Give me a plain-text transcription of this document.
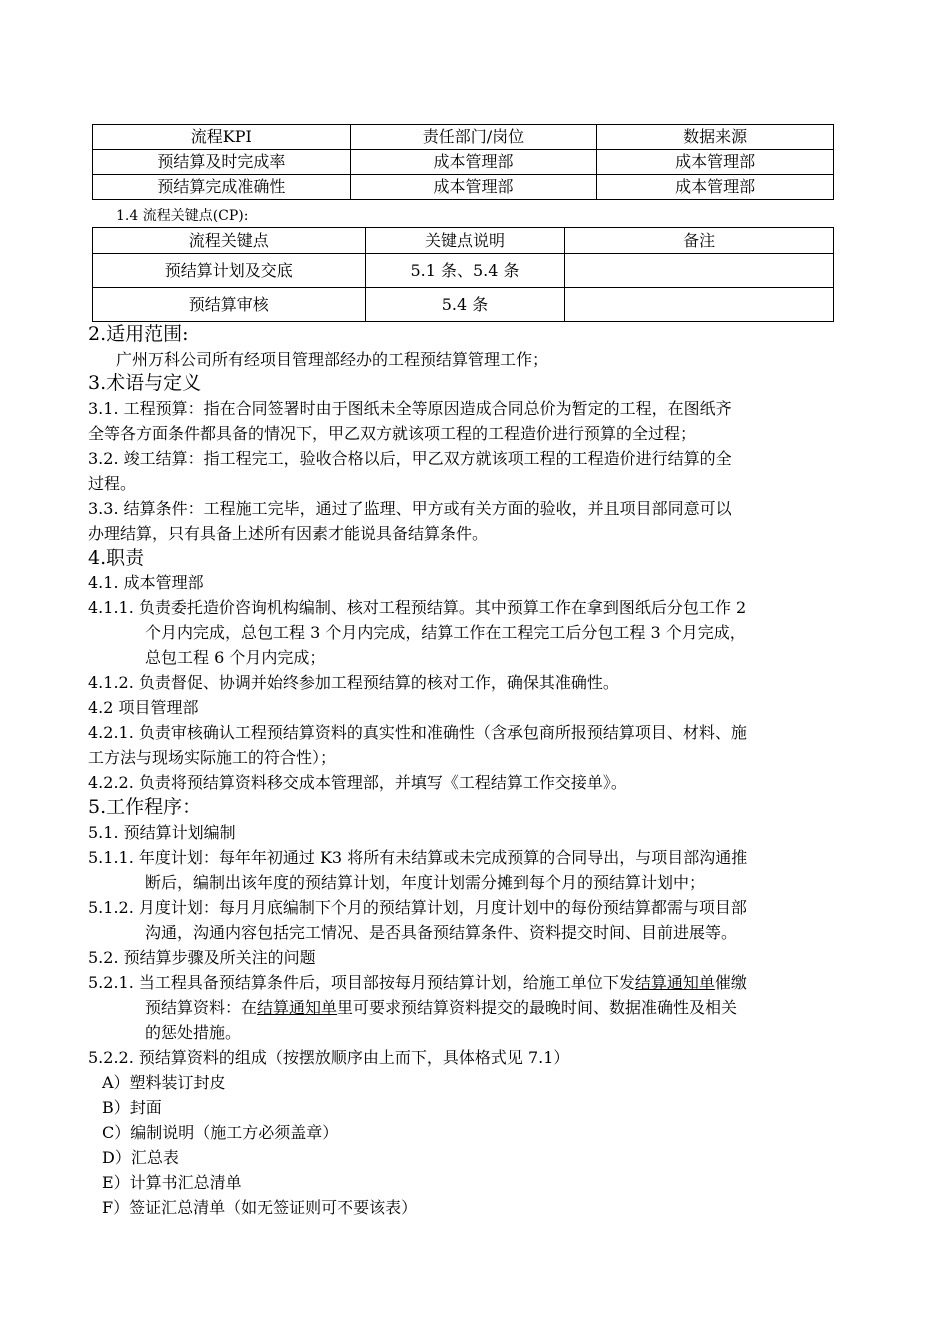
流程KPI	责任部门/岗位	数据来源
预结算及时完成率	成本管理部	成本管理部
预结算完成准确性	成本管理部	成本管理部
1.4 流程关键点(CP):
流程关键点	关键点说明	备注
预结算计划及交底	5.1 条、5.4 条	
预结算审核	5.4 条	
2.适用范围:
广州万科公司所有经项目管理部经办的工程预结算管理工作；
3.术语与定义
3.1. 工程预算：指在合同签署时由于图纸未全等原因造成合同总价为暂定的工程，在图纸齐
全等各方面条件都具备的情况下，甲乙双方就该项工程的工程造价进行预算的全过程；
3.2. 竣工结算：指工程完工，验收合格以后，甲乙双方就该项工程的工程造价进行结算的全
过程。
3.3. 结算条件：工程施工完毕，通过了监理、甲方或有关方面的验收，并且项目部同意可以
办理结算，只有具备上述所有因素才能说具备结算条件。
4.职责
4.1. 成本管理部
4.1.1. 负责委托造价咨询机构编制、核对工程预结算。其中预算工作在拿到图纸后分包工作 2
个月内完成，总包工程 3 个月内完成，结算工作在工程完工后分包工程 3 个月完成，
总包工程 6 个月内完成；
4.1.2. 负责督促、协调并始终参加工程预结算的核对工作，确保其准确性。
4.2 项目管理部
4.2.1. 负责审核确认工程预结算资料的真实性和准确性（含承包商所报预结算项目、材料、施
工方法与现场实际施工的符合性）；
4.2.2. 负责将预结算资料移交成本管理部，并填写《工程结算工作交接单》。
5.工作程序：
5.1. 预结算计划编制
5.1.1. 年度计划：每年年初通过 K3 将所有未结算或未完成预算的合同导出，与项目部沟通推
断后，编制出该年度的预结算计划，年度计划需分摊到每个月的预结算计划中；
5.1.2. 月度计划：每月月底编制下个月的预结算计划，月度计划中的每份预结算都需与项目部
沟通，沟通内容包括完工情况、是否具备预结算条件、资料提交时间、目前进展等。
5.2. 预结算步骤及所关注的问题
5.2.1. 当工程具备预结算条件后，项目部按每月预结算计划，给施工单位下发结算通知单催缴
预结算资料：在结算通知单里可要求预结算资料提交的最晚时间、数据准确性及相关
的惩处措施。
5.2.2. 预结算资料的组成（按摆放顺序由上而下，具体格式见 7.1）
A）塑料装订封皮
B）封面
C）编制说明（施工方必须盖章）
D）汇总表
E）计算书汇总清单
F）签证汇总清单（如无签证则可不要该表）
